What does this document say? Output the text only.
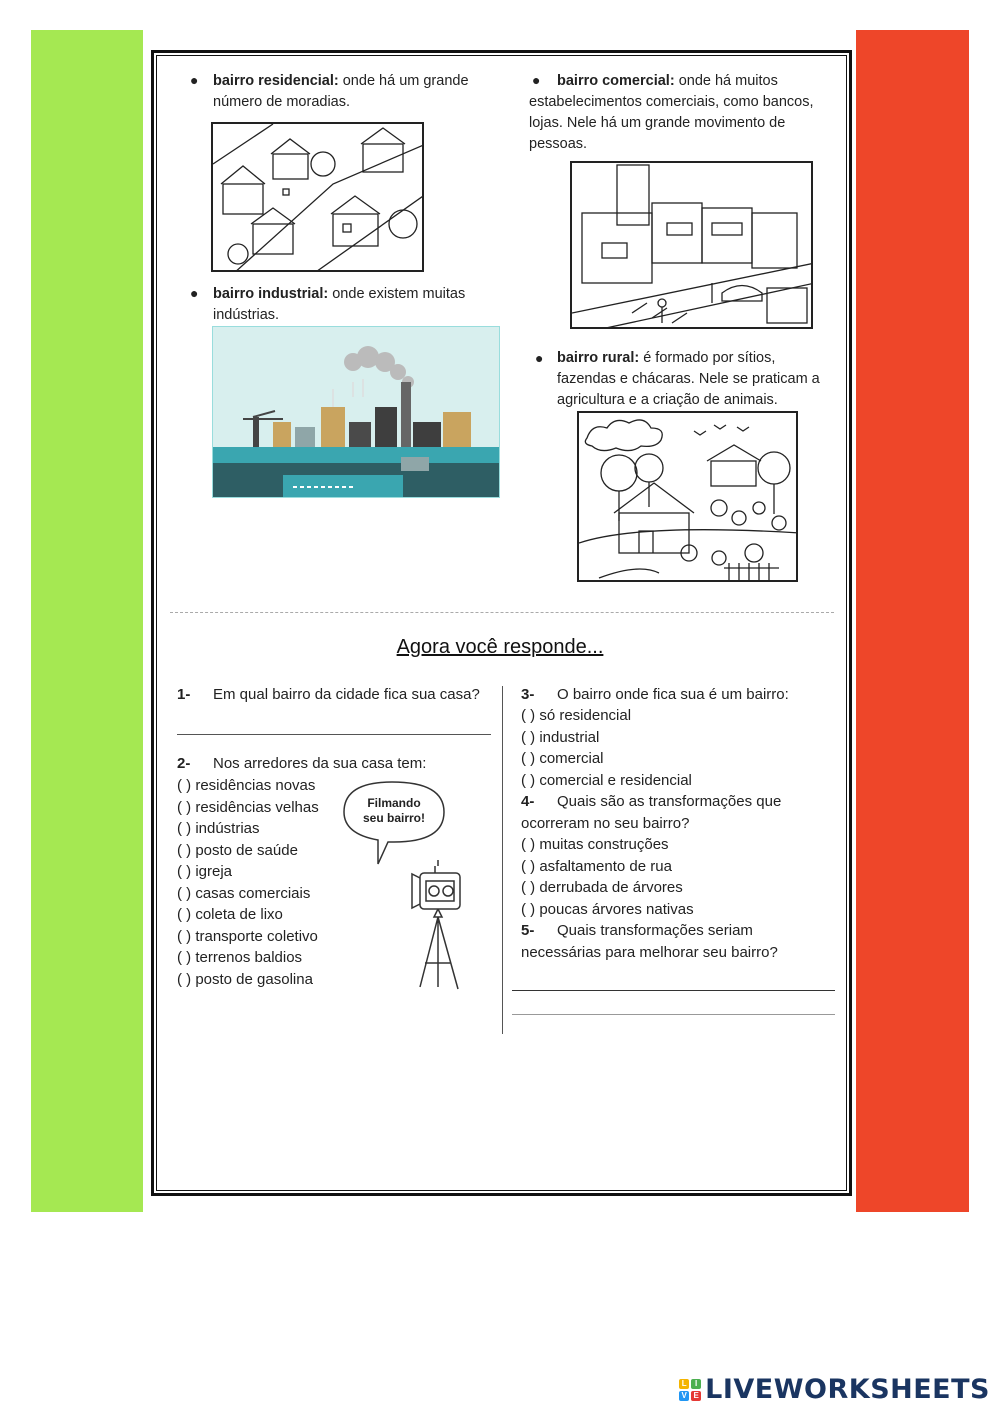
● bairro residencial: onde há um grande
número de moradias.
●	bairro comercial: onde há muitos
estabelecimentos comerciais, como bancos,
lojas. Nele há um grande movimento de
pessoas.
● bairro industrial: onde existem muitas
indústrias.
● bairro rural: é formado por sítios,
fazendas e chácaras. Nele se praticam a
agricultura e a criação de animais.
Agora você responde...
1- Em qual bairro da cidade fica sua casa?
2- Nos arredores da sua casa tem:
( ) residências novas
( ) residências velhas
( ) indústrias
( ) posto de saúde
( ) igreja
( ) casas comerciais
( ) coleta de lixo
( ) transporte coletivo
( ) terrenos baldios
( ) posto de gasolina
Filmando
seu bairro!
3- O bairro onde fica sua é um bairro:
( ) só residencial
( ) industrial
( ) comercial
( ) comercial e residencial
4- Quais são as transformações que
ocorreram no seu bairro?
( ) muitas construções
( ) asfaltamento de rua
( ) derrubada de árvores
( ) poucas árvores nativas
5- Quais transformações seriam
necessárias para melhorar seu bairro?
L	I
V E LIVEWORKSHEETS
